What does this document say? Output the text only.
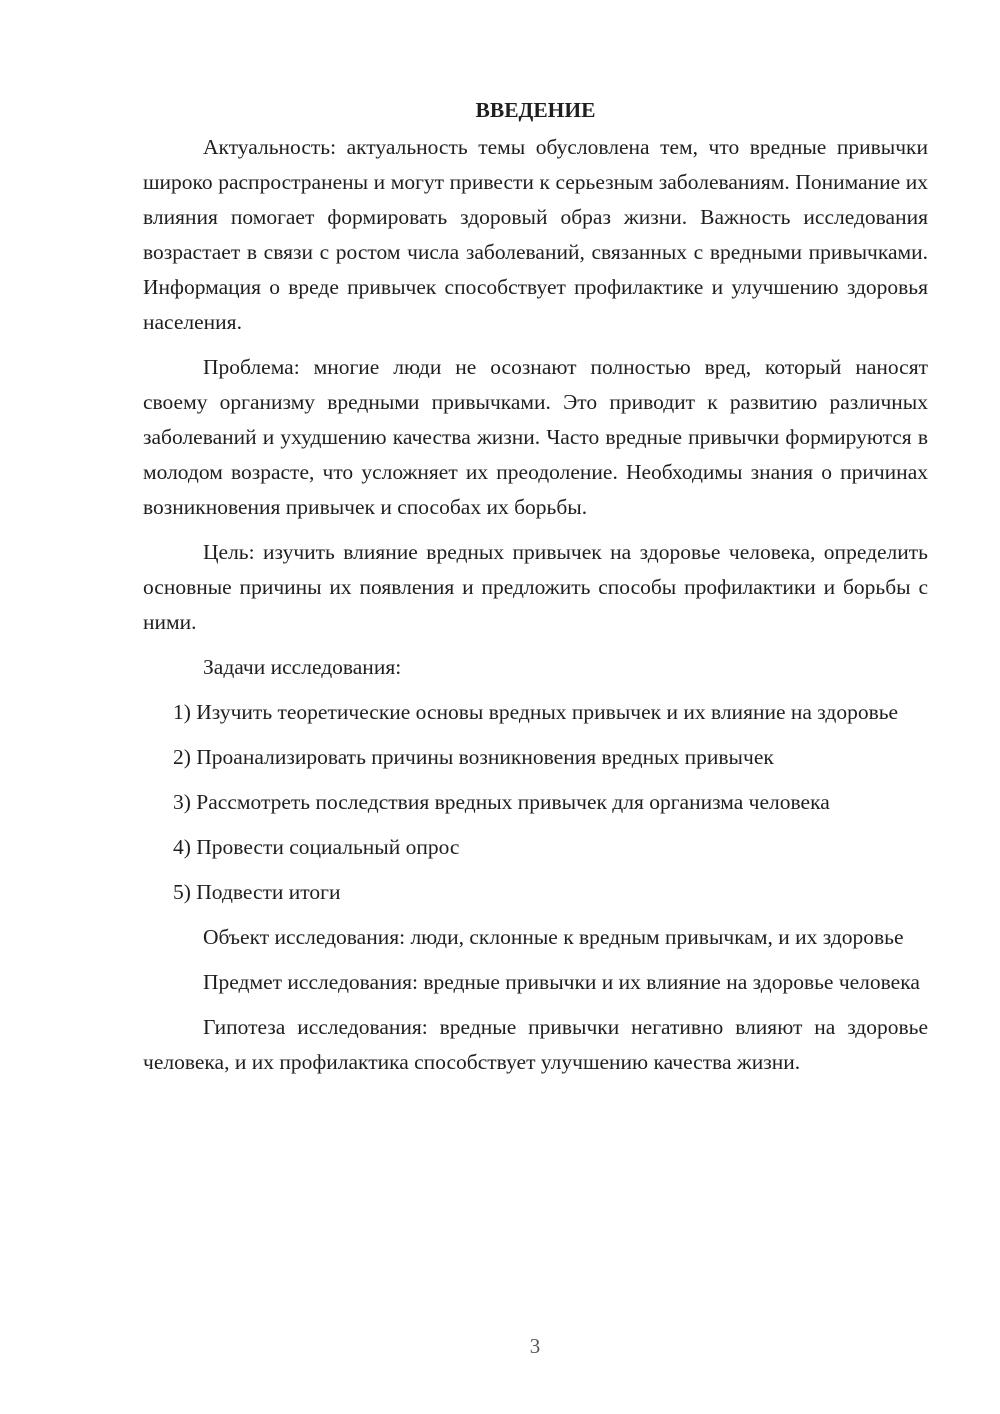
ВВЕДЕНИЕ

Актуальность: актуальность темы обусловлена тем, что вредные привычки широко распространены и могут привести к серьезным заболеваниям. Понимание их влияния помогает формировать здоровый образ жизни. Важность исследования возрастает в связи с ростом числа заболеваний, связанных с вредными привычками. Информация о вреде привычек способствует профилактике и улучшению здоровья населения.

Проблема: многие люди не осознают полностью вред, который наносят своему организму вредными привычками. Это приводит к развитию различных заболеваний и ухудшению качества жизни. Часто вредные привычки формируются в молодом возрасте, что усложняет их преодоление. Необходимы знания о причинах возникновения привычек и способах их борьбы.

Цель: изучить влияние вредных привычек на здоровье человека, определить основные причины их появления и предложить способы профилактики и борьбы с ними.

Задачи исследования:

1) Изучить теоретические основы вредных привычек и их влияние на здоровье

2) Проанализировать причины возникновения вредных привычек

3) Рассмотреть последствия вредных привычек для организма человека

4) Провести социальный опрос

5) Подвести итоги

Объект исследования: люди, склонные к вредным привычкам, и их здоровье

Предмет исследования: вредные привычки и их влияние на здоровье человека

Гипотеза исследования: вредные привычки негативно влияют на здоровье человека, и их профилактика способствует улучшению качества жизни.

3
